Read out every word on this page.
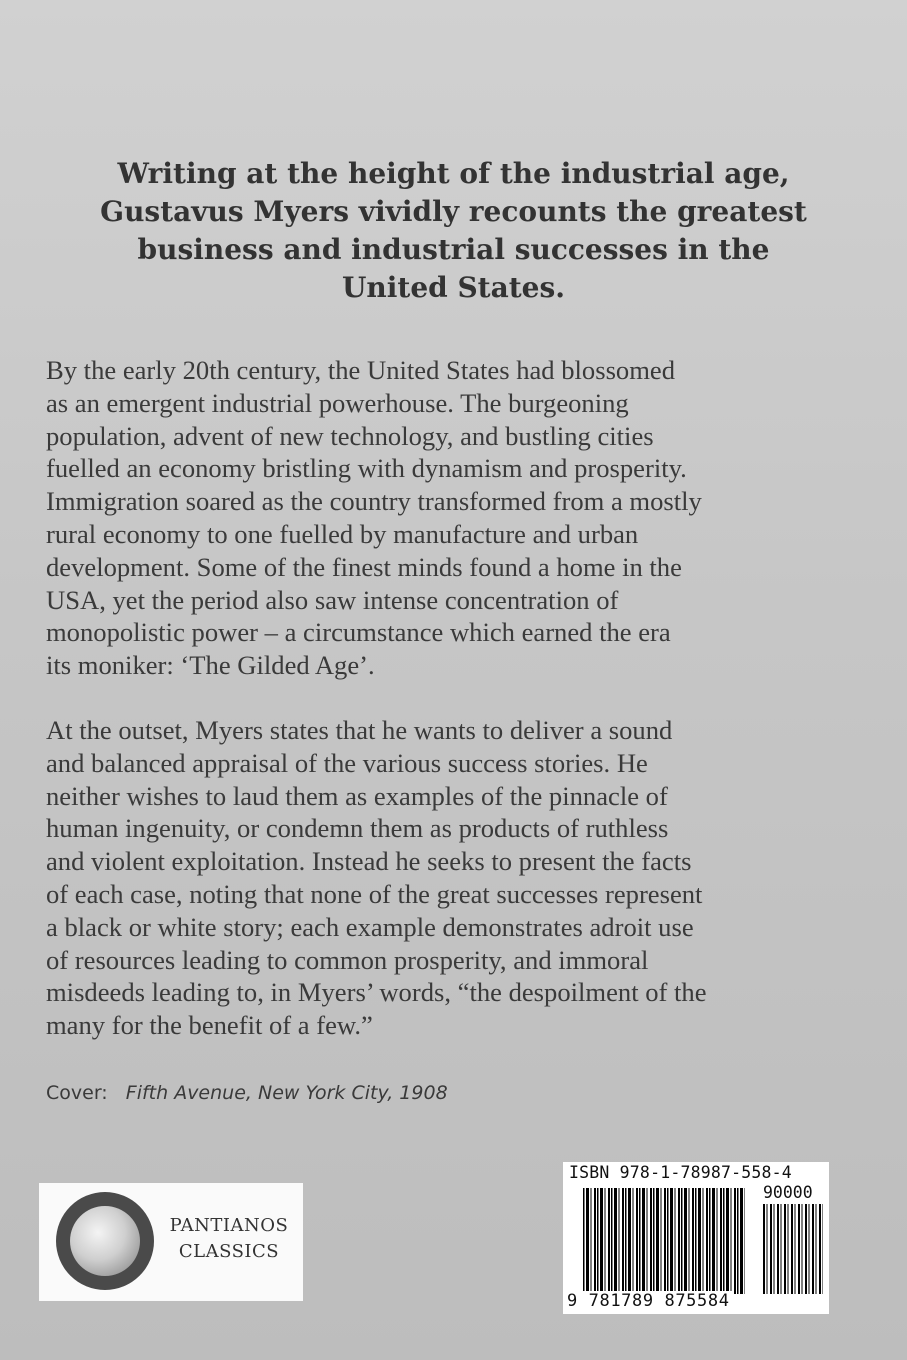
Writing at the height of the industrial age,
Gustavus Myers vividly recounts the greatest
business and industrial successes in the
United States.
By the early 20th century, the United States had blossomed
as an emergent industrial powerhouse. The burgeoning
population, advent of new technology, and bustling cities
fuelled an economy bristling with dynamism and prosperity.
Immigration soared as the country transformed from a mostly
rural economy to one fuelled by manufacture and urban
development. Some of the finest minds found a home in the
USA, yet the period also saw intense concentration of
monopolistic power – a circumstance which earned the era
its moniker: ‘The Gilded Age’.
At the outset, Myers states that he wants to deliver a sound
and balanced appraisal of the various success stories. He
neither wishes to laud them as examples of the pinnacle of
human ingenuity, or condemn them as products of ruthless
and violent exploitation. Instead he seeks to present the facts
of each case, noting that none of the great successes represent
a black or white story; each example demonstrates adroit use
of resources leading to common prosperity, and immoral
misdeeds leading to, in Myers’ words, “the despoilment of the
many for the benefit of a few.”
Cover: Fifth Avenue, New York City, 1908
PANTIANOS
CLASSICS
ISBN 978-1-78987-558-4
90000
9 781789 875584
